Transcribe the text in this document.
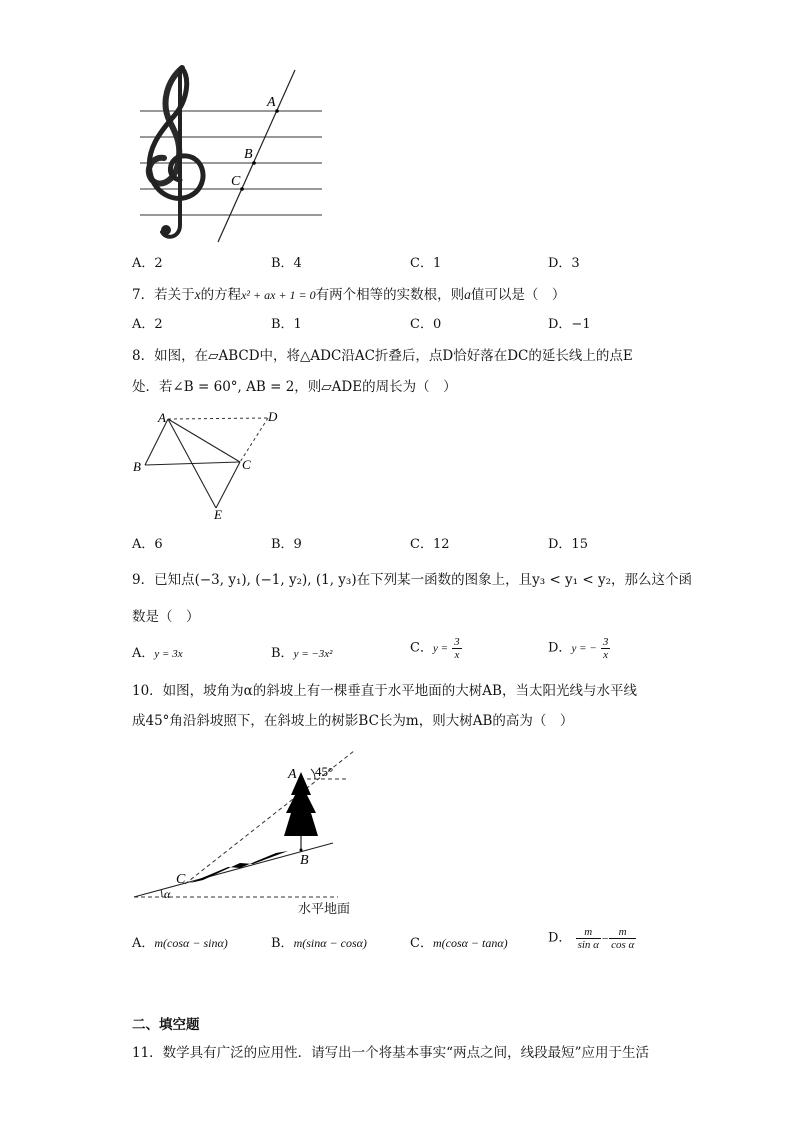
A
B
C
A．2	B．4	C．1	D．3
7．若关于x的方程x² + ax + 1 = 0有两个相等的实数根，则a值可以是（　）
A．2	B．1	C．0	D．−1
8．如图，在▱ABCD中，将△ADC沿AC折叠后，点D恰好落在DC的延长线上的点E
处．若∠B = 60°, AB = 2，则▱ADE的周长为（　）
A	D
B	C
E
A．6	B．9	C．12	D．15
9．已知点(−3, y₁), (−1, y₂), (1, y₃)在下列某一函数的图象上，且y₃ < y₁ < y₂，那么这个函
数是（　）
A．y = 3x	B．y = −3x²	C．$y = \frac{3}{x}$	D．y = − $\frac{3}{x}$
10．如图，坡角为α的斜坡上有一棵垂直于水平地面的大树AB，当太阳光线与水平线
成45°角沿斜坡照下，在斜坡上的树影BC长为m，则大树AB的高为（　）
A 45°
B
C
α
水平地面
A．m(cosα − sinα)	B．m(sinα − cosα)	C．m(cosα − tanα)	D． $\frac{m}{\text{sin α}} - \frac{m}{\text{cos α}}$
二、填空题
11．数学具有广泛的应用性．请写出一个将基本事实“两点之间，线段最短”应用于生活
